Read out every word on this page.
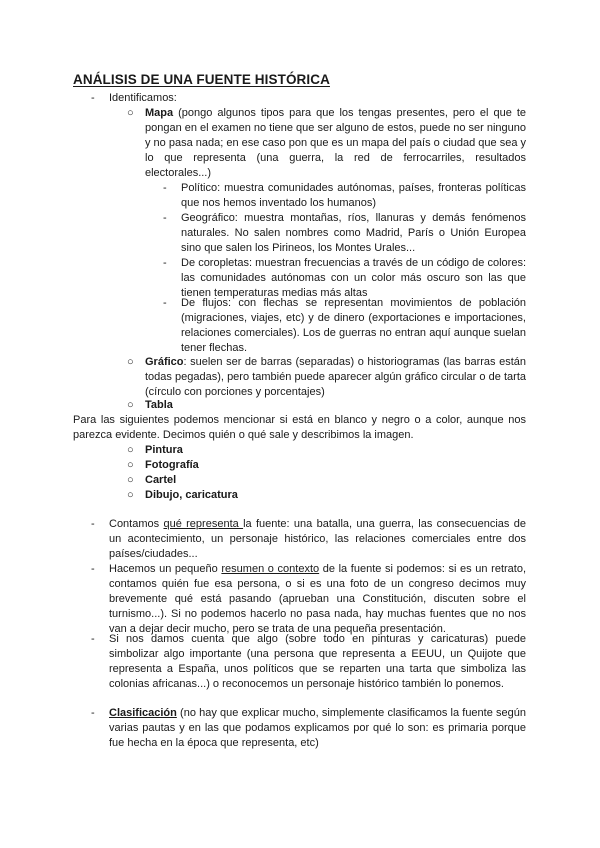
ANÁLISIS DE UNA FUENTE HISTÓRICA
- Identificamos:
○ Mapa (pongo algunos tipos para que los tengas presentes, pero el que te pongan en el examen no tiene que ser alguno de estos, puede no ser ninguno y no pasa nada; en ese caso pon que es un mapa del país o ciudad que sea y lo que representa (una guerra, la red de ferrocarriles, resultados electorales...)
- Político: muestra comunidades autónomas, países, fronteras políticas que nos hemos inventado los humanos)
- Geográfico: muestra montañas, ríos, llanuras y demás fenómenos naturales. No salen nombres como Madrid, París o Unión Europea sino que salen los Pirineos, los Montes Urales...
- De coropletas: muestran frecuencias a través de un código de colores: las comunidades autónomas con un color más oscuro son las que tienen temperaturas medias más altas
- De flujos: con flechas se representan movimientos de población (migraciones, viajes, etc) y de dinero (exportaciones e importaciones, relaciones comerciales). Los de guerras no entran aquí aunque suelan tener flechas.
○ Gráfico: suelen ser de barras (separadas) o historiogramas (las barras están todas pegadas), pero también puede aparecer algún gráfico circular o de tarta (círculo con porciones y porcentajes)
○ Tabla
Para las siguientes podemos mencionar si está en blanco y negro o a color, aunque nos parezca evidente. Decimos quién o qué sale y describimos la imagen.
○ Pintura
○ Fotografía
○ Cartel
○ Dibujo, caricatura
- Contamos qué representa la fuente: una batalla, una guerra, las consecuencias de un acontecimiento, un personaje histórico, las relaciones comerciales entre dos países/ciudades...
- Hacemos un pequeño resumen o contexto de la fuente si podemos: si es un retrato, contamos quién fue esa persona, o si es una foto de un congreso decimos muy brevemente qué está pasando (aprueban una Constitución, discuten sobre el turnismo...). Si no podemos hacerlo no pasa nada, hay muchas fuentes que no nos van a dejar decir mucho, pero se trata de una pequeña presentación.
- Si nos damos cuenta que algo (sobre todo en pinturas y caricaturas) puede simbolizar algo importante (una persona que representa a EEUU, un Quijote que representa a España, unos políticos que se reparten una tarta que simboliza las colonias africanas...) o reconocemos un personaje histórico también lo ponemos.
- Clasificación (no hay que explicar mucho, simplemente clasificamos la fuente según varias pautas y en las que podamos explicamos por qué lo son: es primaria porque fue hecha en la época que representa, etc)
